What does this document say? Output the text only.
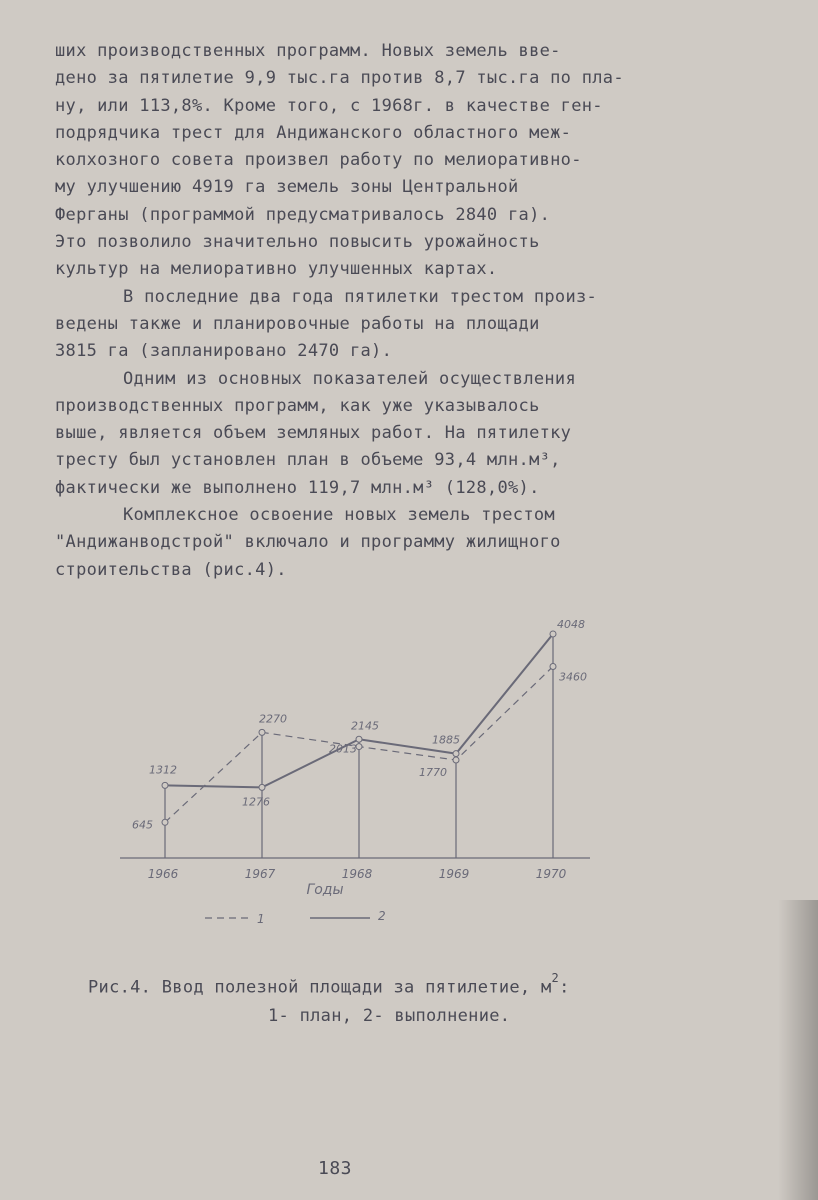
ших производственных программ. Новых земель вве-
дено за пятилетие 9,9 тыс.га против 8,7 тыс.га по пла-
ну, или 113,8%. Кроме того, с 1968г. в качестве ген-
подрядчика трест для Андижанского областного меж-
колхозного совета произвел работу по мелиоративно-
му улучшению 4919 га земель зоны Центральной
Ферганы (программой предусматривалось 2840 га).
Это позволило значительно повысить урожайность
культур на мелиоративно улучшенных картах.
В последние два года пятилетки трестом произ-
ведены также и планировочные работы на площади
3815 га (запланировано 2470 га).
Одним из основных показателей осуществления
производственных программ, как уже указывалось
выше, является объем земляных работ. На пятилетку
тресту был установлен план в объеме 93,4 млн.м³,
фактически же выполнено 119,7 млн.м³ (128,0%).
Комплексное освоение новых земель трестом
"Андижанводстрой" включало и программу жилищного
строительства (рис.4).
1966	1967	1968	1969	1970
1312
1276
2145
1885
4048
645
2270
2013
1770
3460
Годы
1	2
Рис.4. Ввод полезной площади за пятилетие, $м^2$:
1- план, 2- выполнение.
183
